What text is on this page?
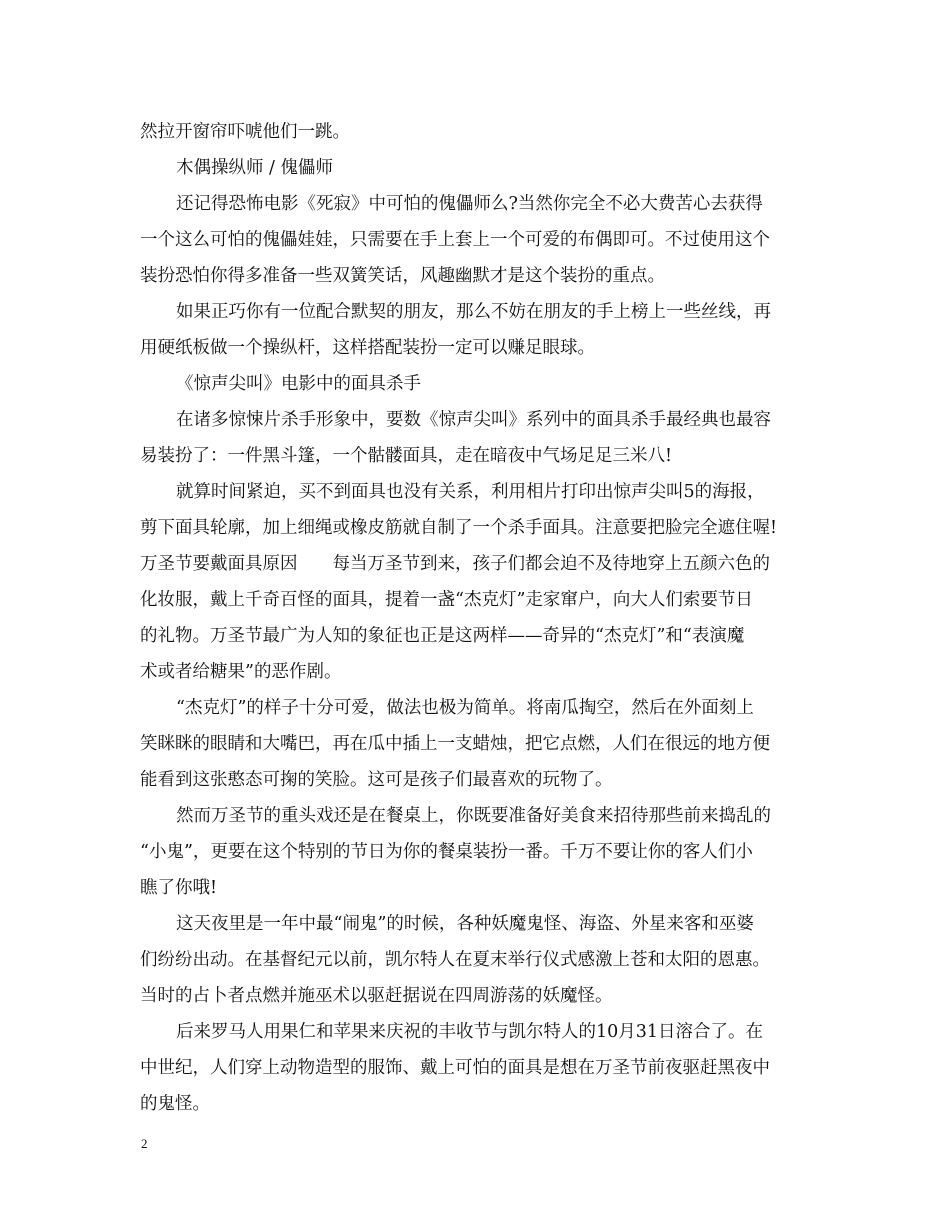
然拉开窗帘吓唬他们一跳。
木偶操纵师 / 傀儡师
还记得恐怖电影《死寂》中可怕的傀儡师么?当然你完全不必大费苦心去获得
一个这么可怕的傀儡娃娃，只需要在手上套上一个可爱的布偶即可。不过使用这个
装扮恐怕你得多准备一些双簧笑话，风趣幽默才是这个装扮的重点。
如果正巧你有一位配合默契的朋友，那么不妨在朋友的手上榜上一些丝线，再
用硬纸板做一个操纵杆，这样搭配装扮一定可以赚足眼球。
《惊声尖叫》电影中的面具杀手
在诸多惊悚片杀手形象中，要数《惊声尖叫》系列中的面具杀手最经典也最容
易装扮了：一件黑斗篷，一个骷髅面具，走在暗夜中气场足足三米八!
就算时间紧迫，买不到面具也没有关系，利用相片打印出惊声尖叫5的海报，
剪下面具轮廓，加上细绳或橡皮筋就自制了一个杀手面具。注意要把脸完全遮住喔!
万圣节要戴面具原因　　每当万圣节到来，孩子们都会迫不及待地穿上五颜六色的
化妆服，戴上千奇百怪的面具，提着一盏“杰克灯”走家窜户，向大人们索要节日
的礼物。万圣节最广为人知的象征也正是这两样——奇异的“杰克灯”和“表演魔
术或者给糖果”的恶作剧。
“杰克灯”的样子十分可爱，做法也极为简单。将南瓜掏空，然后在外面刻上
笑眯眯的眼睛和大嘴巴，再在瓜中插上一支蜡烛，把它点燃，人们在很远的地方便
能看到这张憨态可掬的笑脸。这可是孩子们最喜欢的玩物了。
然而万圣节的重头戏还是在餐桌上，你既要准备好美食来招待那些前来捣乱的
“小鬼”，更要在这个特别的节日为你的餐桌装扮一番。千万不要让你的客人们小
瞧了你哦!
这天夜里是一年中最“闹鬼”的时候，各种妖魔鬼怪、海盗、外星来客和巫婆
们纷纷出动。在基督纪元以前，凯尔特人在夏末举行仪式感激上苍和太阳的恩惠。
当时的占卜者点燃并施巫术以驱赶据说在四周游荡的妖魔怪。
后来罗马人用果仁和苹果来庆祝的丰收节与凯尔特人的10月31日溶合了。在
中世纪，人们穿上动物造型的服饰、戴上可怕的面具是想在万圣节前夜驱赶黑夜中
的鬼怪。
2
